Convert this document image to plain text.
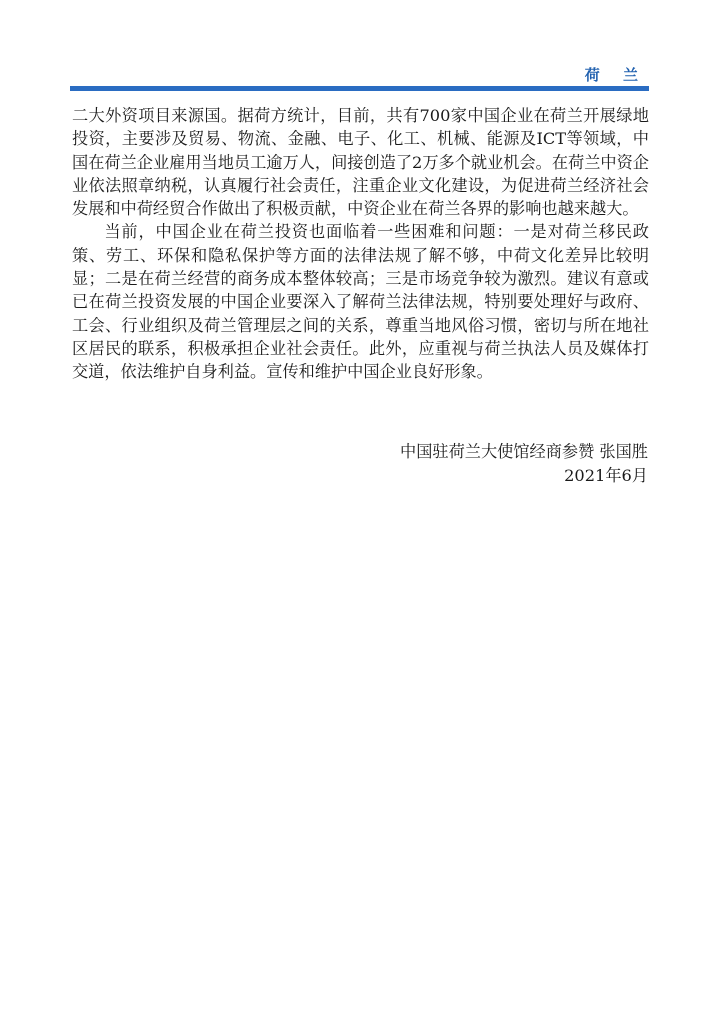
荷 兰

二大外资项目来源国。据荷方统计，目前，共有700家中国企业在荷兰开展绿地投资，主要涉及贸易、物流、金融、电子、化工、机械、能源及ICT等领域，中国在荷兰企业雇用当地员工逾万人，间接创造了2万多个就业机会。在荷兰中资企业依法照章纳税，认真履行社会责任，注重企业文化建设，为促进荷兰经济社会发展和中荷经贸合作做出了积极贡献，中资企业在荷兰各界的影响也越来越大。

当前，中国企业在荷兰投资也面临着一些困难和问题：一是对荷兰移民政策、劳工、环保和隐私保护等方面的法律法规了解不够，中荷文化差异比较明显；二是在荷兰经营的商务成本整体较高；三是市场竞争较为激烈。建议有意或已在荷兰投资发展的中国企业要深入了解荷兰法律法规，特别要处理好与政府、工会、行业组织及荷兰管理层之间的关系，尊重当地风俗习惯，密切与所在地社区居民的联系，积极承担企业社会责任。此外，应重视与荷兰执法人员及媒体打交道，依法维护自身利益。宣传和维护中国企业良好形象。

中国驻荷兰大使馆经商参赞 张国胜
2021年6月
